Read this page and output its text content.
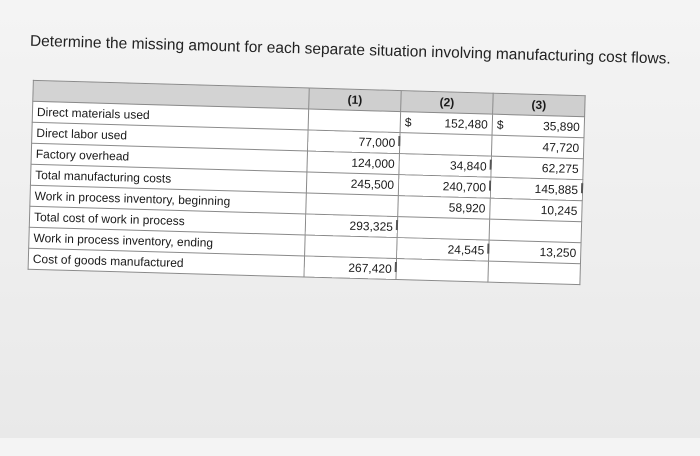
Determine the missing amount for each separate situation involving manufacturing cost flows.
	(1)	(2)	(3)
Direct materials used		$ 152,480	$ 35,890
Direct labor used	77,000		47,720
Factory overhead	124,000	34,840	62,275
Total manufacturing costs	245,500	240,700	145,885
Work in process inventory, beginning		58,920	10,245
Total cost of work in process	293,325		
Work in process inventory, ending		24,545	13,250
Cost of goods manufactured	267,420		
